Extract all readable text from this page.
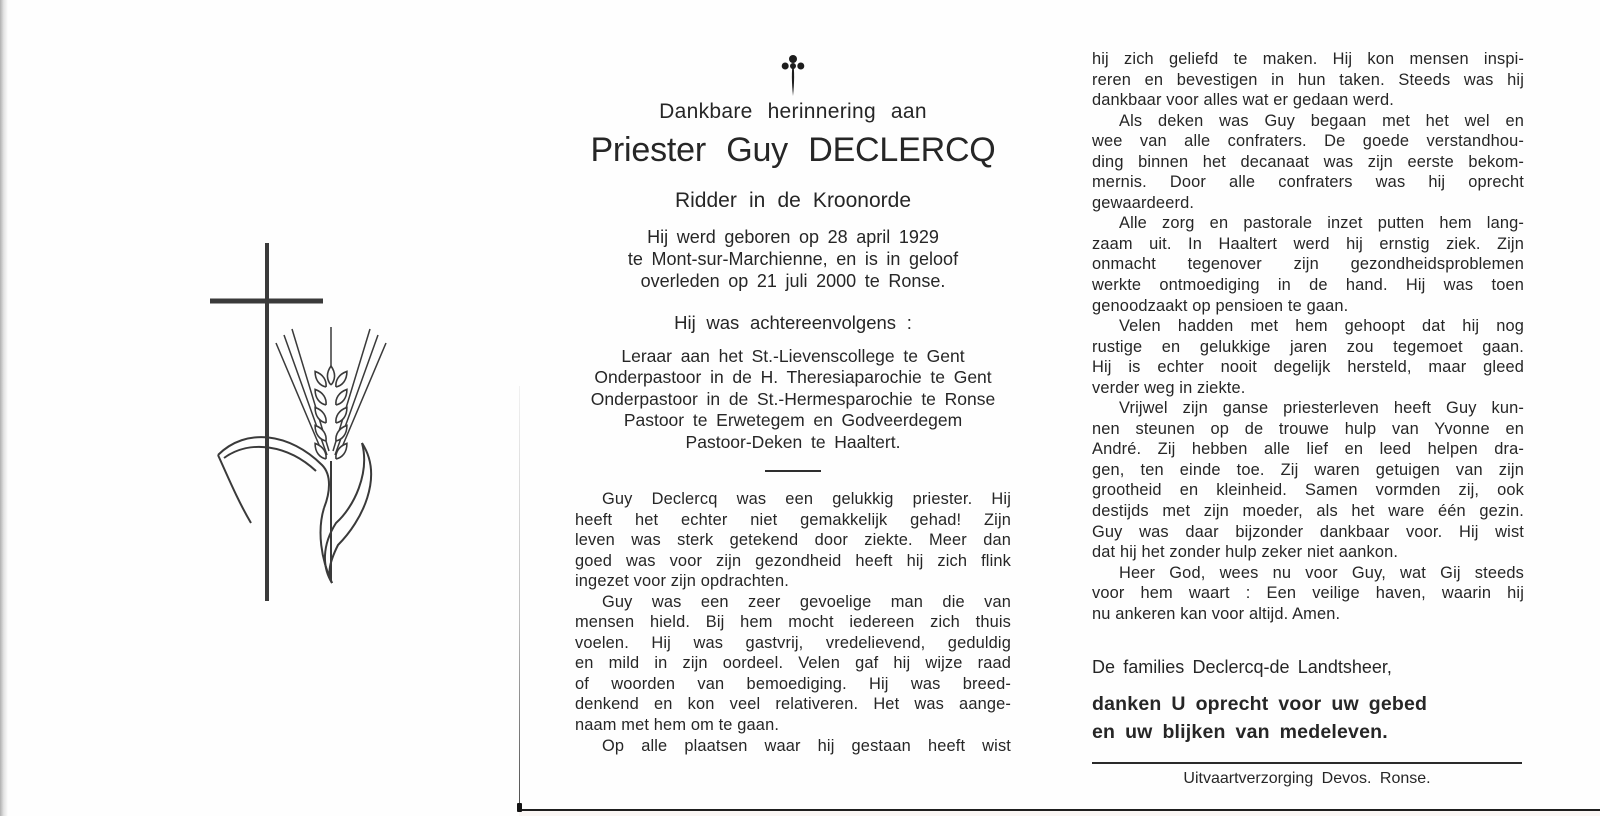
Dankbare herinnering aan
Priester Guy DECLERCQ
Ridder in de Kroonorde
Hij werd geboren op 28 april 1929
te Mont-sur-Marchienne, en is in geloof
overleden op 21 juli 2000 te Ronse.
Hij was achtereenvolgens :
Leraar aan het St.-Lievenscollege te Gent
Onderpastoor in de H. Theresiaparochie te Gent
Onderpastoor in de St.-Hermesparochie te Ronse
Pastoor te Erwetegem en Godveerdegem
Pastoor-Deken te Haaltert.
Guy Declercq was een gelukkig priester. Hij
heeft het echter niet gemakkelijk gehad! Zijn
leven was sterk getekend door ziekte. Meer dan
goed was voor zijn gezondheid heeft hij zich flink
ingezet voor zijn opdrachten.
Guy was een zeer gevoelige man die van
mensen hield. Bij hem mocht iedereen zich thuis
voelen. Hij was gastvrij, vredelievend, geduldig
en mild in zijn oordeel. Velen gaf hij wijze raad
of woorden van bemoediging. Hij was breed-
denkend en kon veel relativeren. Het was aange-
naam met hem om te gaan.
Op alle plaatsen waar hij gestaan heeft wist
hij zich geliefd te maken. Hij kon mensen inspi-
reren en bevestigen in hun taken. Steeds was hij
dankbaar voor alles wat er gedaan werd.
Als deken was Guy begaan met het wel en
wee van alle confraters. De goede verstandhou-
ding binnen het decanaat was zijn eerste bekom-
mernis. Door alle confraters was hij oprecht
gewaardeerd.
Alle zorg en pastorale inzet putten hem lang-
zaam uit. In Haaltert werd hij ernstig ziek. Zijn
onmacht tegenover zijn gezondheidsproblemen
werkte ontmoediging in de hand. Hij was toen
genoodzaakt op pensioen te gaan.
Velen hadden met hem gehoopt dat hij nog
rustige en gelukkige jaren zou tegemoet gaan.
Hij is echter nooit degelijk hersteld, maar gleed
verder weg in ziekte.
Vrijwel zijn ganse priesterleven heeft Guy kun-
nen steunen op de trouwe hulp van Yvonne en
André. Zij hebben alle lief en leed helpen dra-
gen, ten einde toe. Zij waren getuigen van zijn
grootheid en kleinheid. Samen vormden zij, ook
destijds met zijn moeder, als het ware één gezin.
Guy was daar bijzonder dankbaar voor. Hij wist
dat hij het zonder hulp zeker niet aankon.
Heer God, wees nu voor Guy, wat Gij steeds
voor hem waart : Een veilige haven, waarin hij
nu ankeren kan voor altijd. Amen.
De families Declercq-de Landtsheer,
danken U oprecht voor uw gebed
en uw blijken van medeleven.
Uitvaartverzorging Devos. Ronse.
